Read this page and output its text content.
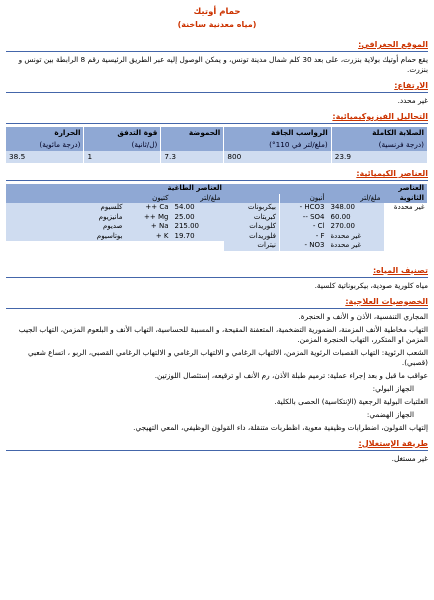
حمام أوتيك
(مياه معدنية ساخنة)
الموقع الجغرافي:
يقع حمام أوتيك بولاية بنزرت، على بعد 30 كلم شمال مدينة تونس، و يمكن الوصول إليه عبر الطريق الرئيسية رقم 8 الرابطة بين تونس و بنزرت.
الارتفاع:
غير محدد.
التحاليل الفيزيوكيميائية:
الصلابة الكاملة	الرواسب الجافة	الحموضة	قوة التدفق	الحرارة
(درجة فرنسية)	(ملغ/لتر في 110°)		(ل/ثانية)	(درجة مائوية)
23.9	800	7.3	1	38.5
العناصر الكيميائية:
العناصر الثانوية	العناصر الطاغية					
	ملغ/لتر	أنيون		ملغ/لتر	كتيون	
غير محددة	348.00	HCO3 -	بيكربونات	54.00	Ca ++	كلسيوم
	60.00	SO4 --	كبريتات	25.00	Mg ++	مانيزيوم
	270.00	Cl -	كلوريدات	215.00	Na +	صديوم
	غير محددة	F -	فلوريدات	19.70	K +	بوتاسيوم
	غير محددة	NO3 -	نيترات			
تصنيف المياه:
مياه كلورية صودية، بيكربوناتية كلسية.
الخصوصيات العلاجية:
المجاري التنفسية، الأذن و الأنف و الحنجرة.
التهاب مخاطية الأنف المزمنة، الضمورية التضخمية، المتعفنة المقيحة، و المسببة للحساسية، التهاب الأنف و البلعوم المزمن، التهاب الجيب المزمن او المتكرر، التهاب الحنجرة المزمن.
الشعب الرئوية: التهاب القصبات الرئوية المزمن، الالتهاب الرغامي و الالتهاب الرغامي و الالتهاب الرغامي القصبي، الربو ، اتساع شعبي (قصبي).
عواقب ما قبل و بعد إجراء عملية: ترميم طبلة الأذن، رم الأنف او ترقيعه، إستئصال اللوزتين.
الجهاز البولي:
الغلتيات البولية الرجعية (الإنتكاسية) الحصى بالكلية.
الجهاز الهضمي:
إلتهاب القولون، اضطرابات وظيفية معوية، اظطربات متنقلة، داء القولون الوظيفي، المعي التهيجي.
طريقة الإستغلال:
غير مستغل.
